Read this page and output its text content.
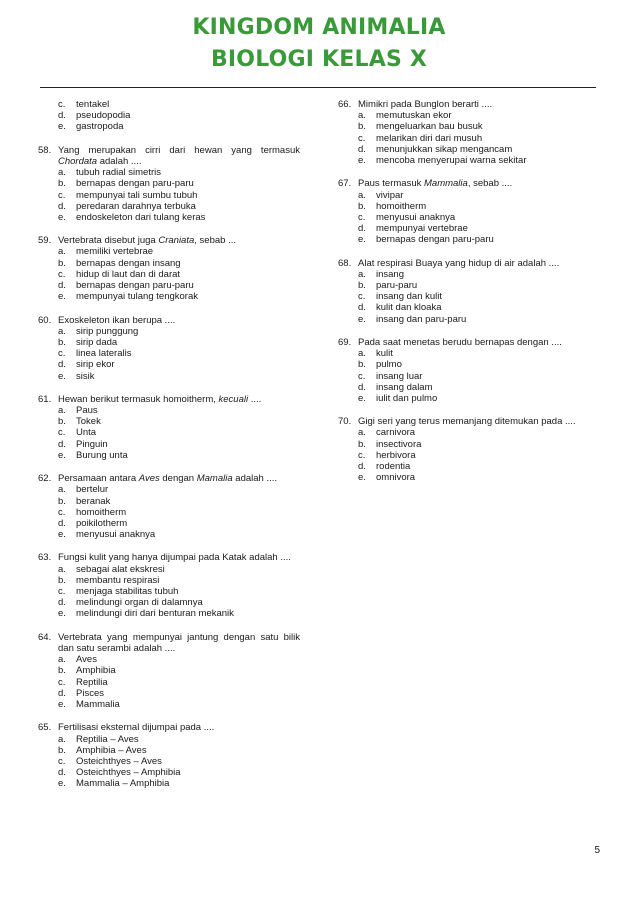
KINGDOM ANIMALIA
BIOLOGI KELAS X
c.	tentakel
d.	pseudopodia
e.	gastropoda
58. Yang merupakan cirri dari hewan yang termasuk Chordata adalah ....
a.	tubuh radial simetris
b.	bernapas dengan paru-paru
c.	mempunyai tali sumbu tubuh
d.	peredaran darahnya terbuka
e.	endoskeleton dari tulang keras
59. Vertebrata disebut juga Craniata, sebab ...
a.	memiliki vertebrae
b.	bernapas dengan insang
c.	hidup di laut dan di darat
d.	bernapas dengan paru-paru
e.	mempunyai tulang tengkorak
60. Exoskeleton ikan berupa ....
a.	sirip punggung
b.	sirip dada
c.	linea lateralis
d.	sirip ekor
e.	sisik
61. Hewan berikut termasuk homoitherm, kecuali ....
a.	Paus
b.	Tokek
c.	Unta
d.	Pinguin
e.	Burung unta
62. Persamaan antara Aves dengan Mamalia adalah ....
a.	bertelur
b.	beranak
c.	homoitherm
d.	poikilotherm
e.	menyusui anaknya
63. Fungsi kulit yang hanya dijumpai pada Katak adalah ....
a.	sebagai alat ekskresi
b.	membantu respirasi
c.	menjaga stabilitas tubuh
d.	melindungi organ di dalamnya
e.	melindungi diri dari benturan mekanik
64. Vertebrata yang mempunyai jantung dengan satu bilik dan satu serambi adalah ....
a.	Aves
b.	Amphibia
c.	Reptilia
d.	Pisces
e.	Mammalia
65. Fertilisasi eksternal dijumpai pada ....
a.	Reptilia – Aves
b.	Amphibia – Aves
c.	Osteichthyes – Aves
d.	Osteichthyes – Amphibia
e.	Mammalia – Amphibia
66. Mimikri pada Bunglon berarti ....
a.	memutuskan ekor
b.	mengeluarkan bau busuk
c.	melarikan diri dari musuh
d.	menunjukkan sikap mengancam
e.	mencoba menyerupai warna sekitar
67. Paus termasuk Mammalia, sebab ....
a.	vivipar
b.	homoitherm
c.	menyusui anaknya
d.	mempunyai vertebrae
e.	bernapas dengan paru-paru
68. Alat respirasi Buaya yang hidup di air adalah ....
a.	insang
b.	paru-paru
c.	insang dan kulit
d.	kulit dan kloaka
e.	insang dan paru-paru
69. Pada saat menetas berudu bernapas dengan ....
a.	kulit
b.	pulmo
c.	insang luar
d.	insang dalam
e.	iulit dan pulmo
70. Gigi seri yang terus memanjang ditemukan pada ....
a.	carnivora
b.	insectivora
c.	herbivora
d.	rodentia
e.	omnivora
5
